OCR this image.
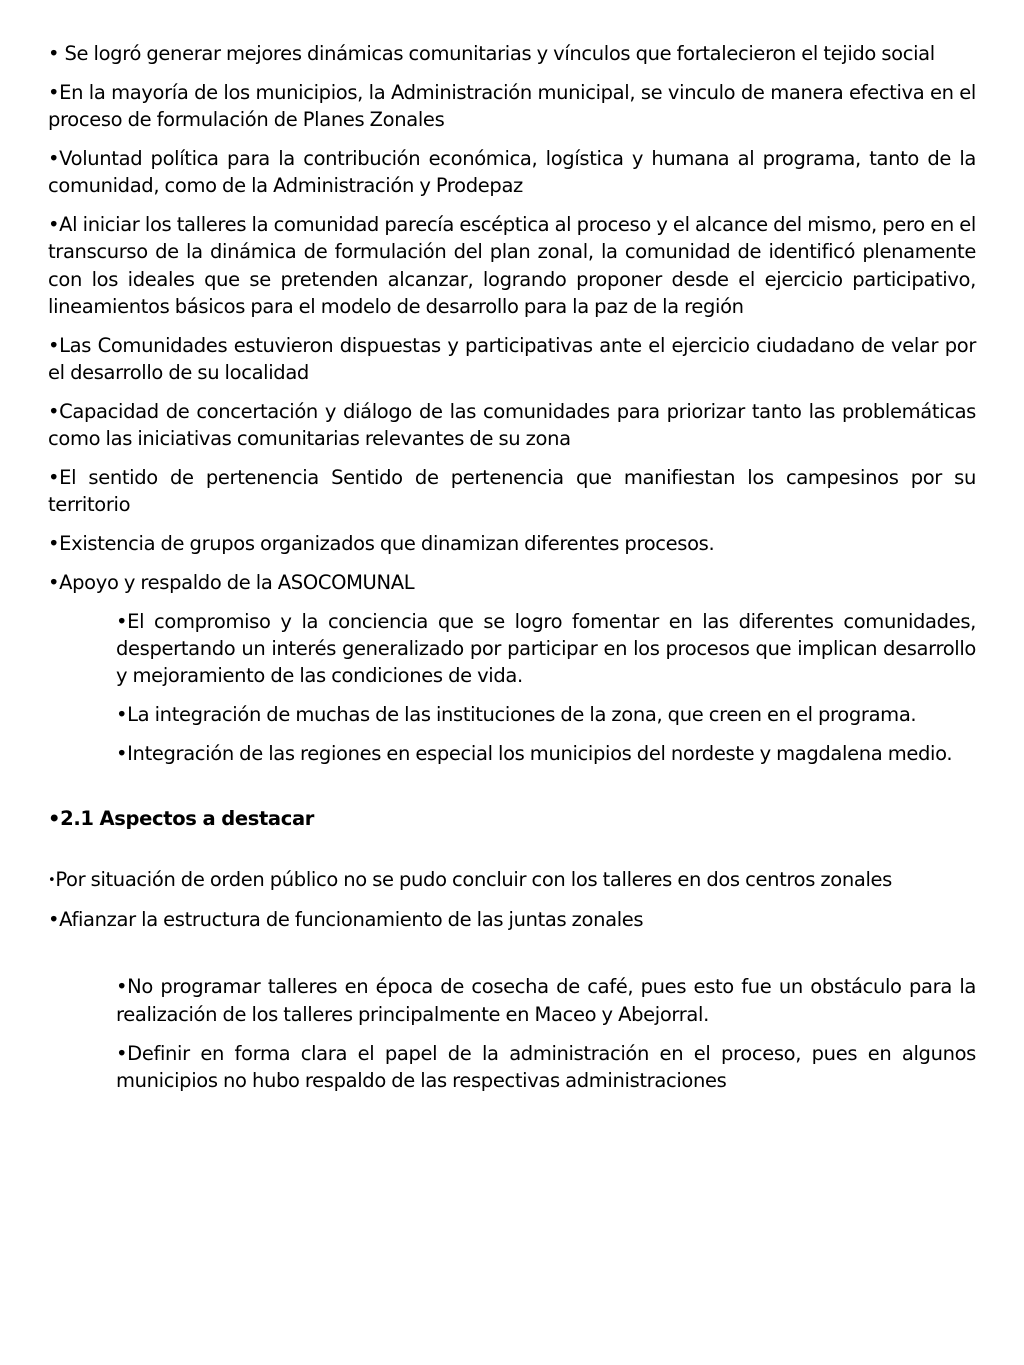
• Se logró generar mejores dinámicas comunitarias y vínculos que fortalecieron el tejido social

•En la mayoría de los municipios, la Administración municipal, se vinculo de manera efectiva en el proceso de formulación de Planes Zonales

•Voluntad política para la contribución económica, logística y humana al programa, tanto de la comunidad, como de la Administración y Prodepaz

•Al iniciar los talleres la comunidad parecía escéptica al proceso y el alcance del mismo, pero en el transcurso de la dinámica de formulación del plan zonal, la comunidad de identificó plenamente con los ideales que se pretenden alcanzar, logrando proponer desde el ejercicio participativo, lineamientos básicos para el modelo de desarrollo para la paz de la región

•Las Comunidades estuvieron dispuestas y participativas ante el ejercicio ciudadano de velar por el desarrollo de su localidad

•Capacidad de concertación y diálogo de las comunidades para priorizar tanto las problemáticas como las iniciativas comunitarias relevantes de su zona

•El sentido de pertenencia Sentido de pertenencia que manifiestan los campesinos por su territorio

•Existencia de grupos organizados que dinamizan diferentes procesos.

•Apoyo y respaldo de la ASOCOMUNAL

•El compromiso y la conciencia que se logro fomentar en las diferentes comunidades, despertando un interés generalizado por participar en los procesos que implican desarrollo y mejoramiento de las condiciones de vida.

•La integración de muchas de las instituciones de la zona, que creen en el programa.

•Integración de las regiones en especial los municipios del nordeste y magdalena medio.

•2.1 Aspectos a destacar

•Por situación de orden público no se pudo concluir con los talleres en dos centros zonales

•Afianzar la estructura de funcionamiento de las juntas zonales

•No programar talleres en época de cosecha de café, pues esto fue un obstáculo para la realización de los talleres principalmente en Maceo y Abejorral.

•Definir en forma clara el papel de la administración en el proceso, pues en algunos municipios no hubo respaldo de las respectivas administraciones
